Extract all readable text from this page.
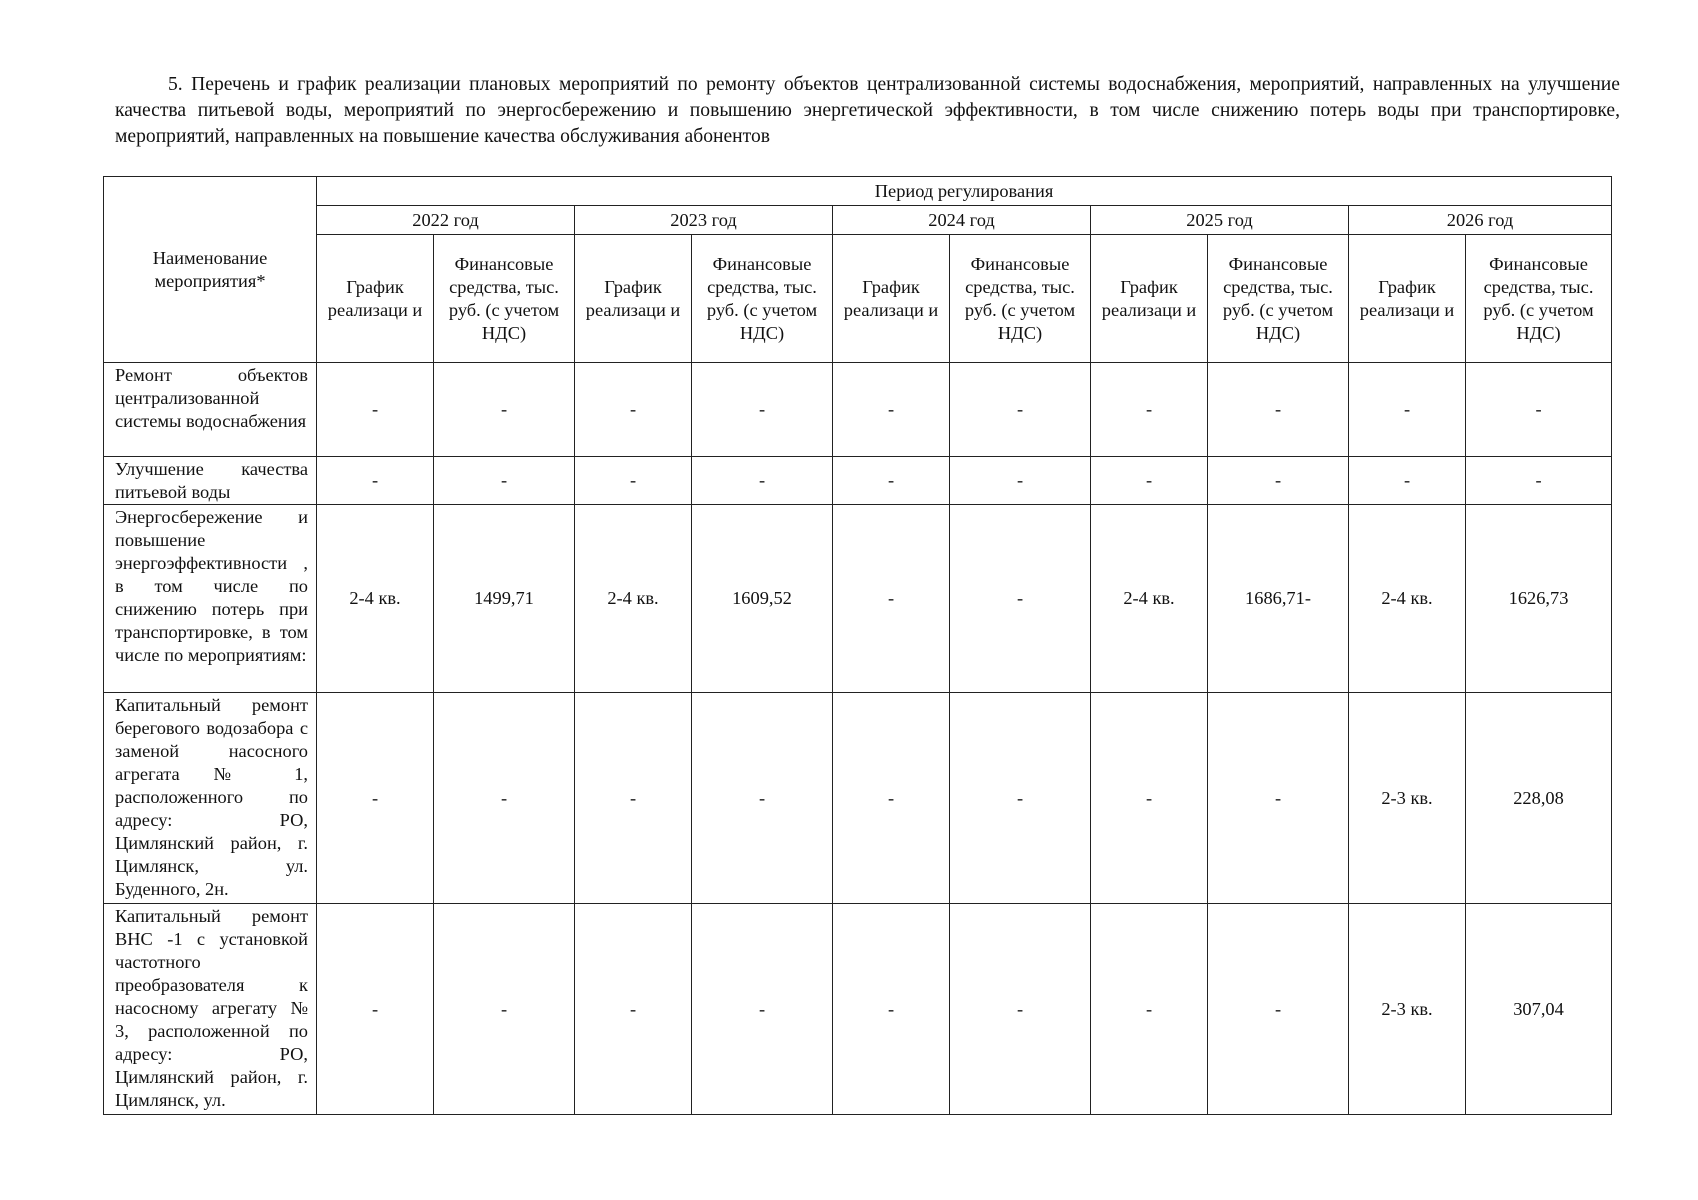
5. Перечень и график реализации плановых мероприятий по ремонту объектов централизованной системы водоснабжения, мероприятий, направленных на улучшение качества питьевой воды, мероприятий по энергосбережению и повышению энергетической эффективности, в том числе снижению потерь воды при транспортировке, мероприятий, направленных на повышение качества обслуживания абонентов

Наименование мероприятия*	Период регулирования									
	2022 год		2023 год		2024 год		2025 год		2026 год	
	График реализаци и	Финансовые средства, тыс. руб. (с учетом НДС)	График реализаци и	Финансовые средства, тыс. руб. (с учетом НДС)	График реализаци и	Финансовые средства, тыс. руб. (с учетом НДС)	График реализаци и	Финансовые средства, тыс. руб. (с учетом НДС)	График реализаци и	Финансовые средства, тыс. руб. (с учетом НДС)
Ремонт объектов централизованной системы водоснабжения	-	-	-	-	-	-	-	-	-	-
Улучшение качества питьевой воды	-	-	-	-	-	-	-	-	-	-
Энергосбережение и повышение энергоэффективности , в том числе по снижению потерь при транспортировке, в том числе по мероприятиям:	2-4 кв.	1499,71	2-4 кв.	1609,52	-	-	2-4 кв.	1686,71-	2-4 кв.	1626,73
Капитальный ремонт берегового водозабора с заменой насосного агрегата № 1, расположенного по адресу: РО, Цимлянский район, г. Цимлянск, ул. Буденного, 2н.	-	-	-	-	-	-	-	-	2-3 кв.	228,08
Капитальный ремонт ВНС -1 с установкой частотного преобразователя к насосному агрегату № 3, расположенной по адресу: РО, Цимлянский район, г. Цимлянск, ул.	-	-	-	-	-	-	-	-	2-3 кв.	307,04
